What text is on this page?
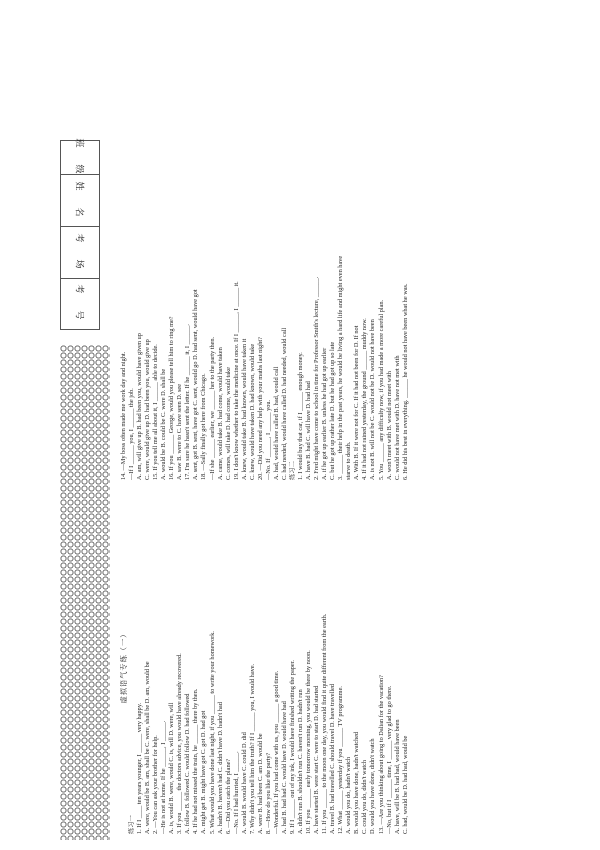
班　级
姓　名
考　场
考　号
虚拟语气专练（一）
练习一 1. If I ____ ten years younger, I ______ very happy. A. were, would be B. am, shall be C. were, shall be D. am, would be 2. —You can ask your brother for help. —He is not at home. If he ______, I ______. A. is, would B. were, would C. is, will D. were, will 3. If you ______ the doctors advice, you would have already recovered. A. follow B. followed C. would follow D. had followed 4. If he had not missed the train, he ______ there by then. A. might get B. might have got C. got D. had got 5. What would you have done last night, if you ______ to write your homework. A. hadn't B. haven't had C. didn't have D. hadn't had 6. —Did you catch the plane? —No. If I had hurried, I ______. A. would B. would have C. could D. did 7. Why didn't you tell him the truth? If I ______ you, I would have. A. were B. had been C. am D. would be 8. —How do you like the party? —Wonderful. If you had come with us, you ______ a good time. A. had B. had had C. would have D. would have had 9. If I ______ out of my ink, I would have finished writing the paper. A. didn't run B. shouldn't run C. haven't run D. hadn't run 10. If you ______ early tomorrow morning, you would be there by noon. A. have started B. were start C. were to start D. had started 11. If you ______ to the moon one day, you would find it quite different from the earth. A. travel B. had travelled C. should travel D. have travelled 12. What ______ yesterday if you ______ TV programme. A. would you do, hadn't watch B. would you have done, hadn't watched C. could you do, didn't watch D. would you have done, didn't watch 13. —Are you thinking about going to Dalian for the vacation? —No, but if I ______ time, I ______ very glad to go there. A. have, will be B. had had, would have been C. had, would be D. had had, would be
14. —My boss often made me work day and night. —If I ______ you, I ______ the job. A. am, will give up B. had been you, would have given up C. were, would give up D. had been you, would give up 15. If you tell me all about it, I ______ able to decide. A. would be B. could be C. were D. shall be 16. If you ______ George, would you please tell him to ring me? A. saw B. were to C. have seen D. see 17. I'm sure he hasn't sent the letter. If he ______ it, I ______. A. sent, got B. sent, have got C. sent, would go D. had sent, would have got 18. —Sally finally got here from Chicago. —If she ______ earlier, we ______ her to the party then. A. came, would take B. had come, would have taken C. comes, will take D. had come, would take 19. I don't know whether to take the medicine at once. If I ______, I ______ it. A. knew, would take B. had known, would have taken it C. knew, would have taken D. had known, would take 20. —Did you need any help with your maths last night? —No. If ______, I ______ you. A. had, would have called B. had, would call C. had needed, would have called D. had needed, would call 练习二 1. I would buy that car, if I ______ enough money. A. have B. had C. will have D. had had 2. Fred might have come to school in time for Professor Smith's lecture, ______. A. if he got up earlier B. unless he had got up earlier C. but he got up rather late D. but he had got up so late 3. ______ their help in the past years, he would be living a hard life and might even have starve to death. A. With B. If it were not for C. If it had not been for D. If not 4. If it had not rained yesterday, the ground ______ muddy now. A. is not B. will not be C. would not be D. would not have been 5. You ______ any difficulty now, if you had made a more careful plan. A. won't meet with B. would not meet with C. would not have met with D. have not met with 6. He did his best in everything. ______ he would not have been what he was.
